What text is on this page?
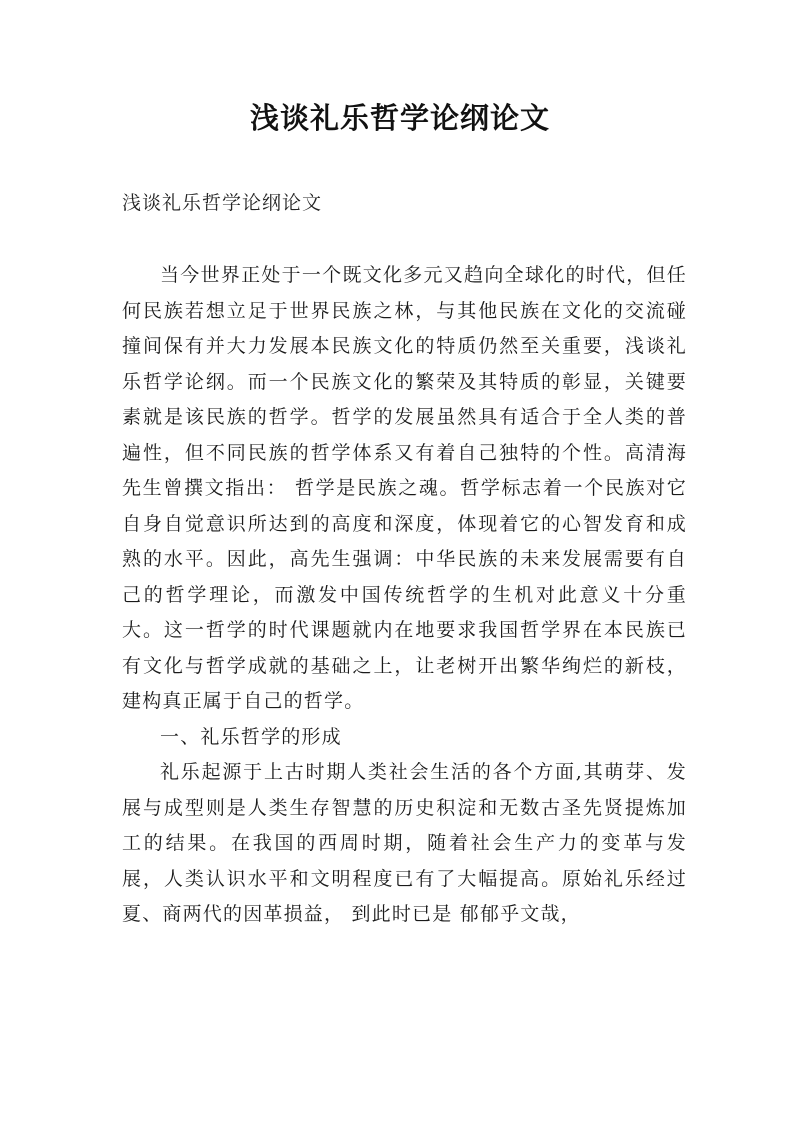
浅谈礼乐哲学论纲论文
浅谈礼乐哲学论纲论文

当今世界正处于一个既文化多元又趋向全球化的时代，但任何民族若想立足于世界民族之林，与其他民族在文化的交流碰撞间保有并大力发展本民族文化的特质仍然至关重要，浅谈礼乐哲学论纲。而一个民族文化的繁荣及其特质的彰显，关键要素就是该民族的哲学。哲学的发展虽然具有适合于全人类的普遍性，但不同民族的哲学体系又有着自己独特的个性。高清海先生曾撰文指出： 哲学是民族之魂。哲学标志着一个民族对它自身自觉意识所达到的高度和深度，体现着它的心智发育和成熟的水平。因此，高先生强调：中华民族的未来发展需要有自己的哲学理论，而激发中国传统哲学的生机对此意义十分重大。这一哲学的时代课题就内在地要求我国哲学界在本民族已有文化与哲学成就的基础之上，让老树开出繁华绚烂的新枝，建构真正属于自己的哲学。

一、礼乐哲学的形成

礼乐起源于上古时期人类社会生活的各个方面,其萌芽、发展与成型则是人类生存智慧的历史积淀和无数古圣先贤提炼加工的结果。在我国的西周时期，随着社会生产力的变革与发展，人类认识水平和文明程度已有了大幅提高。原始礼乐经过夏、商两代的因革损益， 到此时已是 郁郁乎文哉，
